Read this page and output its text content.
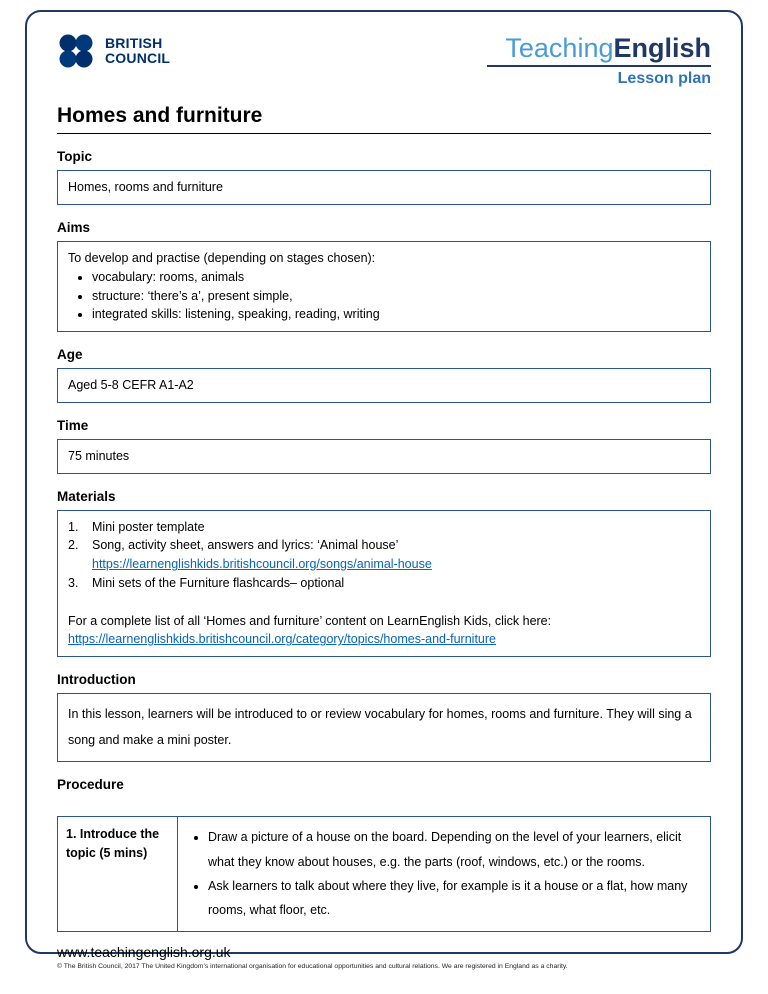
BRITISH
COUNCIL	TeachingEnglish
Lesson plan
Homes and furniture
Topic

Homes, rooms and furniture

Aims

To develop and practise (depending on stages chosen):

• vocabulary: rooms, animals
• structure: ‘there’s a’, present simple,
• integrated skills: listening, speaking, reading, writing
Age

Aged 5-8 CEFR A1-A2

Time

75 minutes

Materials
1.	Mini poster template
2.	Song, activity sheet, answers and lyrics: ‘Animal house’
https://learnenglishkids.britishcouncil.org/songs/animal-house
3.	Mini sets of the Furniture flashcards– optional

For a complete list of all ‘Homes and furniture’ content on LearnEnglish Kids, click here:

https://learnenglishkids.britishcouncil.org/category/topics/homes-and-furniture
Introduction

In this lesson, learners will be introduced to or review vocabulary for homes, rooms and furniture. They will sing a song and make a mini poster.

Procedure
1. Introduce the topic (5 mins)	
• Draw a picture of a house on the board. Depending on the level of your learners, elicit what they know about houses, e.g. the parts (roof, windows, etc.) or the rooms.
• Ask learners to talk about where they live, for example is it a house or a flat, how many rooms, what floor, etc.
www.teachingenglish.org.uk
© The British Council, 2017 The United Kingdom’s international organisation for educational opportunities and cultural relations. We are registered in England as a charity.
